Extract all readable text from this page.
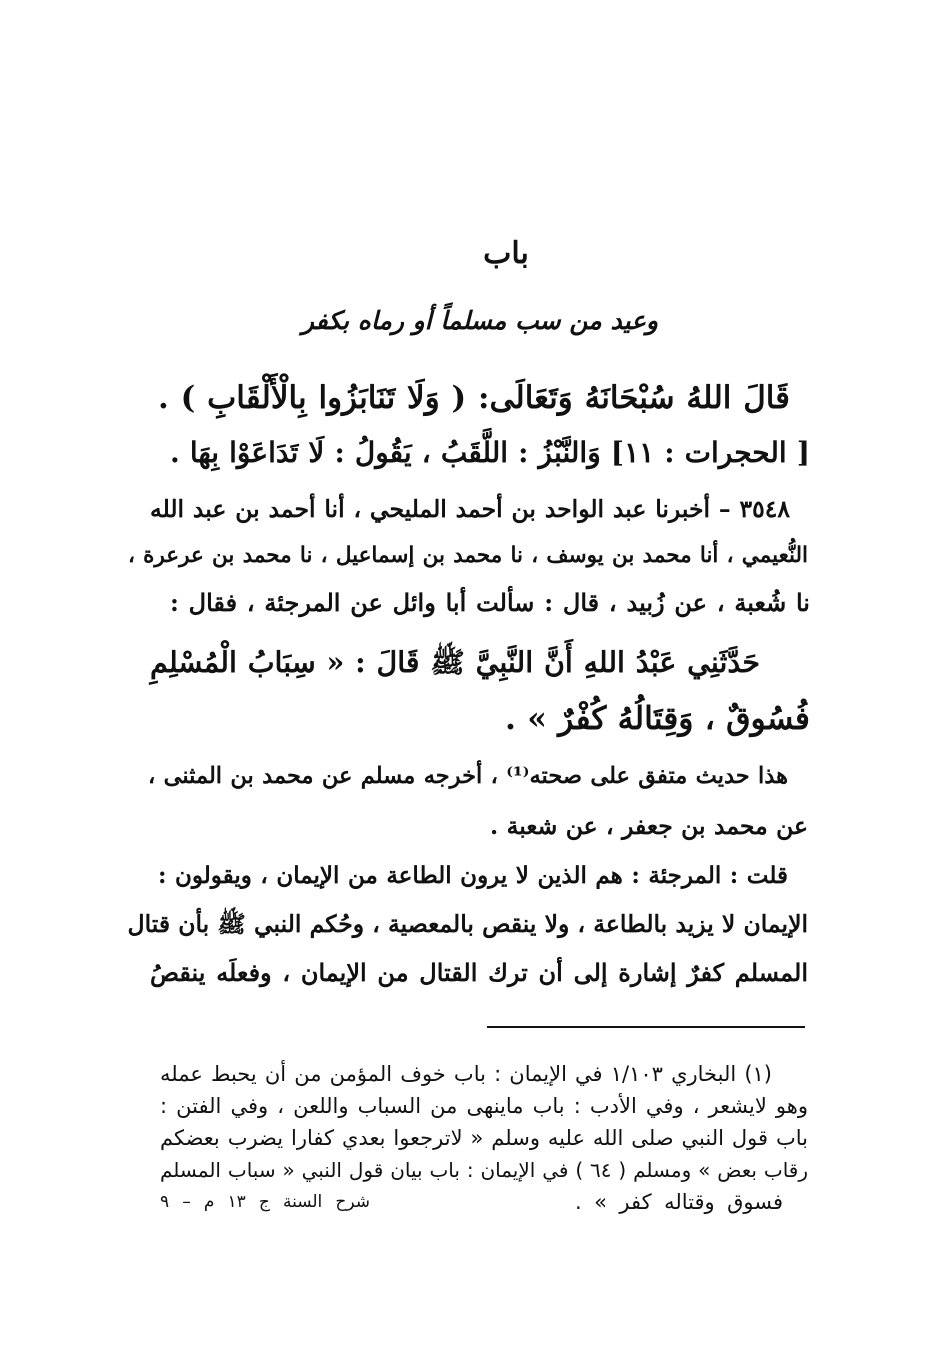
باب
وعيد من سب مسلماً أو رماه بكفر
قَالَ اللهُ سُبْحَانَهُ وَتَعَالَى: ( وَلَا تَنَابَزُوا بِالْأَلْقَابِ ) .
[ الحجرات : ١١] وَالنَّبْزُ : اللَّقَبُ ، يَقُولُ : لَا تَدَاعَوْا بِهَا .
٣٥٤٨ – أخبرنا عبد الواحد بن أحمد المليحي ، أنا أحمد بن عبد الله
النُّعيمي ، أنا محمد بن يوسف ، نا محمد بن إسماعيل ، نا محمد بن عرعرة ،
نا شُعبة ، عن زُبيد ، قال : سألت أبا وائل عن المرجئة ، فقال :
حَدَّثَنِي عَبْدُ اللهِ أَنَّ النَّبِيَّ ﷺ قَالَ : « سِبَابُ الْمُسْلِمِ
فُسُوقٌ ، وَقِتَالُهُ كُفْرٌ » .
هذا حديث متفق على صحته⁽¹⁾ ، أخرجه مسلم عن محمد بن المثنى ،
عن محمد بن جعفر ، عن شعبة .
قلت : المرجئة : هم الذين لا يرون الطاعة من الإيمان ، ويقولون :
الإيمان لا يزيد بالطاعة ، ولا ينقص بالمعصية ، وحُكم النبي ﷺ بأن قتال
المسلم كفرٌ إشارة إلى أن ترك القتال من الإيمان ، وفعلَه ينقصُ
(١) البخاري ١/١٠٣ في الإيمان : باب خوف المؤمن من أن يحبط عمله
وهو لايشعر ، وفي الأدب : باب ماينهى من السباب واللعن ، وفي الفتن :
باب قول النبي صلى الله عليه وسلم « لاترجعوا بعدي كفارا يضرب بعضكم
رقاب بعض » ومسلم ( ٦٤ ) في الإيمان : باب بيان قول النبي « سباب المسلم
فسوق وقتاله كفر » .
شرح السنة ج ١٣ م – ٩
